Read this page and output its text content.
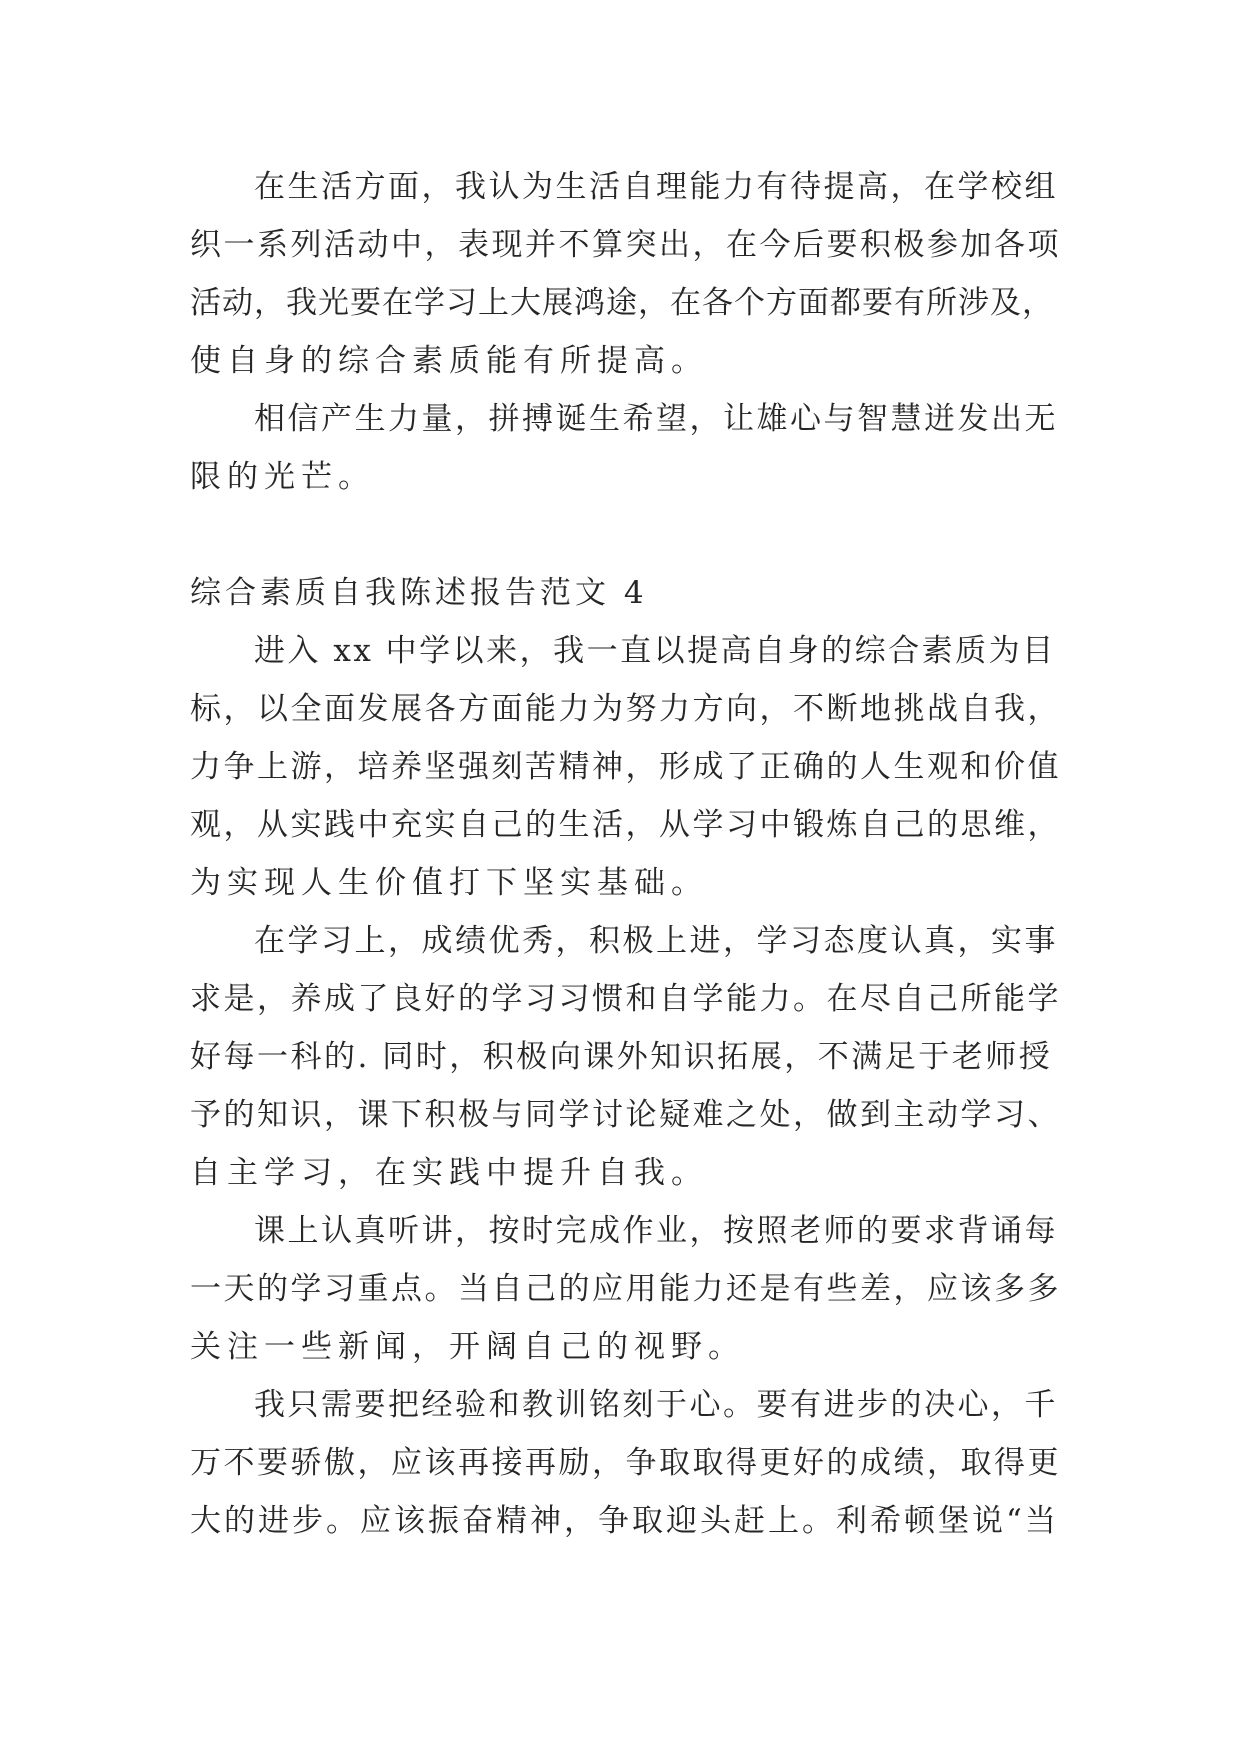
在生活方面，我认为生活自理能力有待提高，在学校组
织一系列活动中，表现并不算突出，在今后要积极参加各项
活动，我光要在学习上大展鸿途，在各个方面都要有所涉及，
使自身的综合素质能有所提高。
相信产生力量，拼搏诞生希望，让雄心与智慧迸发出无
限的光芒。
综合素质自我陈述报告范文 4
进入 xx 中学以来，我一直以提高自身的综合素质为目
标，以全面发展各方面能力为努力方向，不断地挑战自我，
力争上游，培养坚强刻苦精神，形成了正确的人生观和价值
观，从实践中充实自己的生活，从学习中锻炼自己的思维，
为实现人生价值打下坚实基础。
在学习上，成绩优秀，积极上进，学习态度认真，实事
求是，养成了良好的学习习惯和自学能力。在尽自己所能学
好每一科的. 同时，积极向课外知识拓展，不满足于老师授
予的知识，课下积极与同学讨论疑难之处，做到主动学习、
自主学习，在实践中提升自我。
课上认真听讲，按时完成作业，按照老师的要求背诵每
一天的学习重点。当自己的应用能力还是有些差，应该多多
关注一些新闻，开阔自己的视野。
我只需要把经验和教训铭刻于心。要有进步的决心，千
万不要骄傲，应该再接再励，争取取得更好的成绩，取得更
大的进步。应该振奋精神，争取迎头赶上。利希顿堡说“当
